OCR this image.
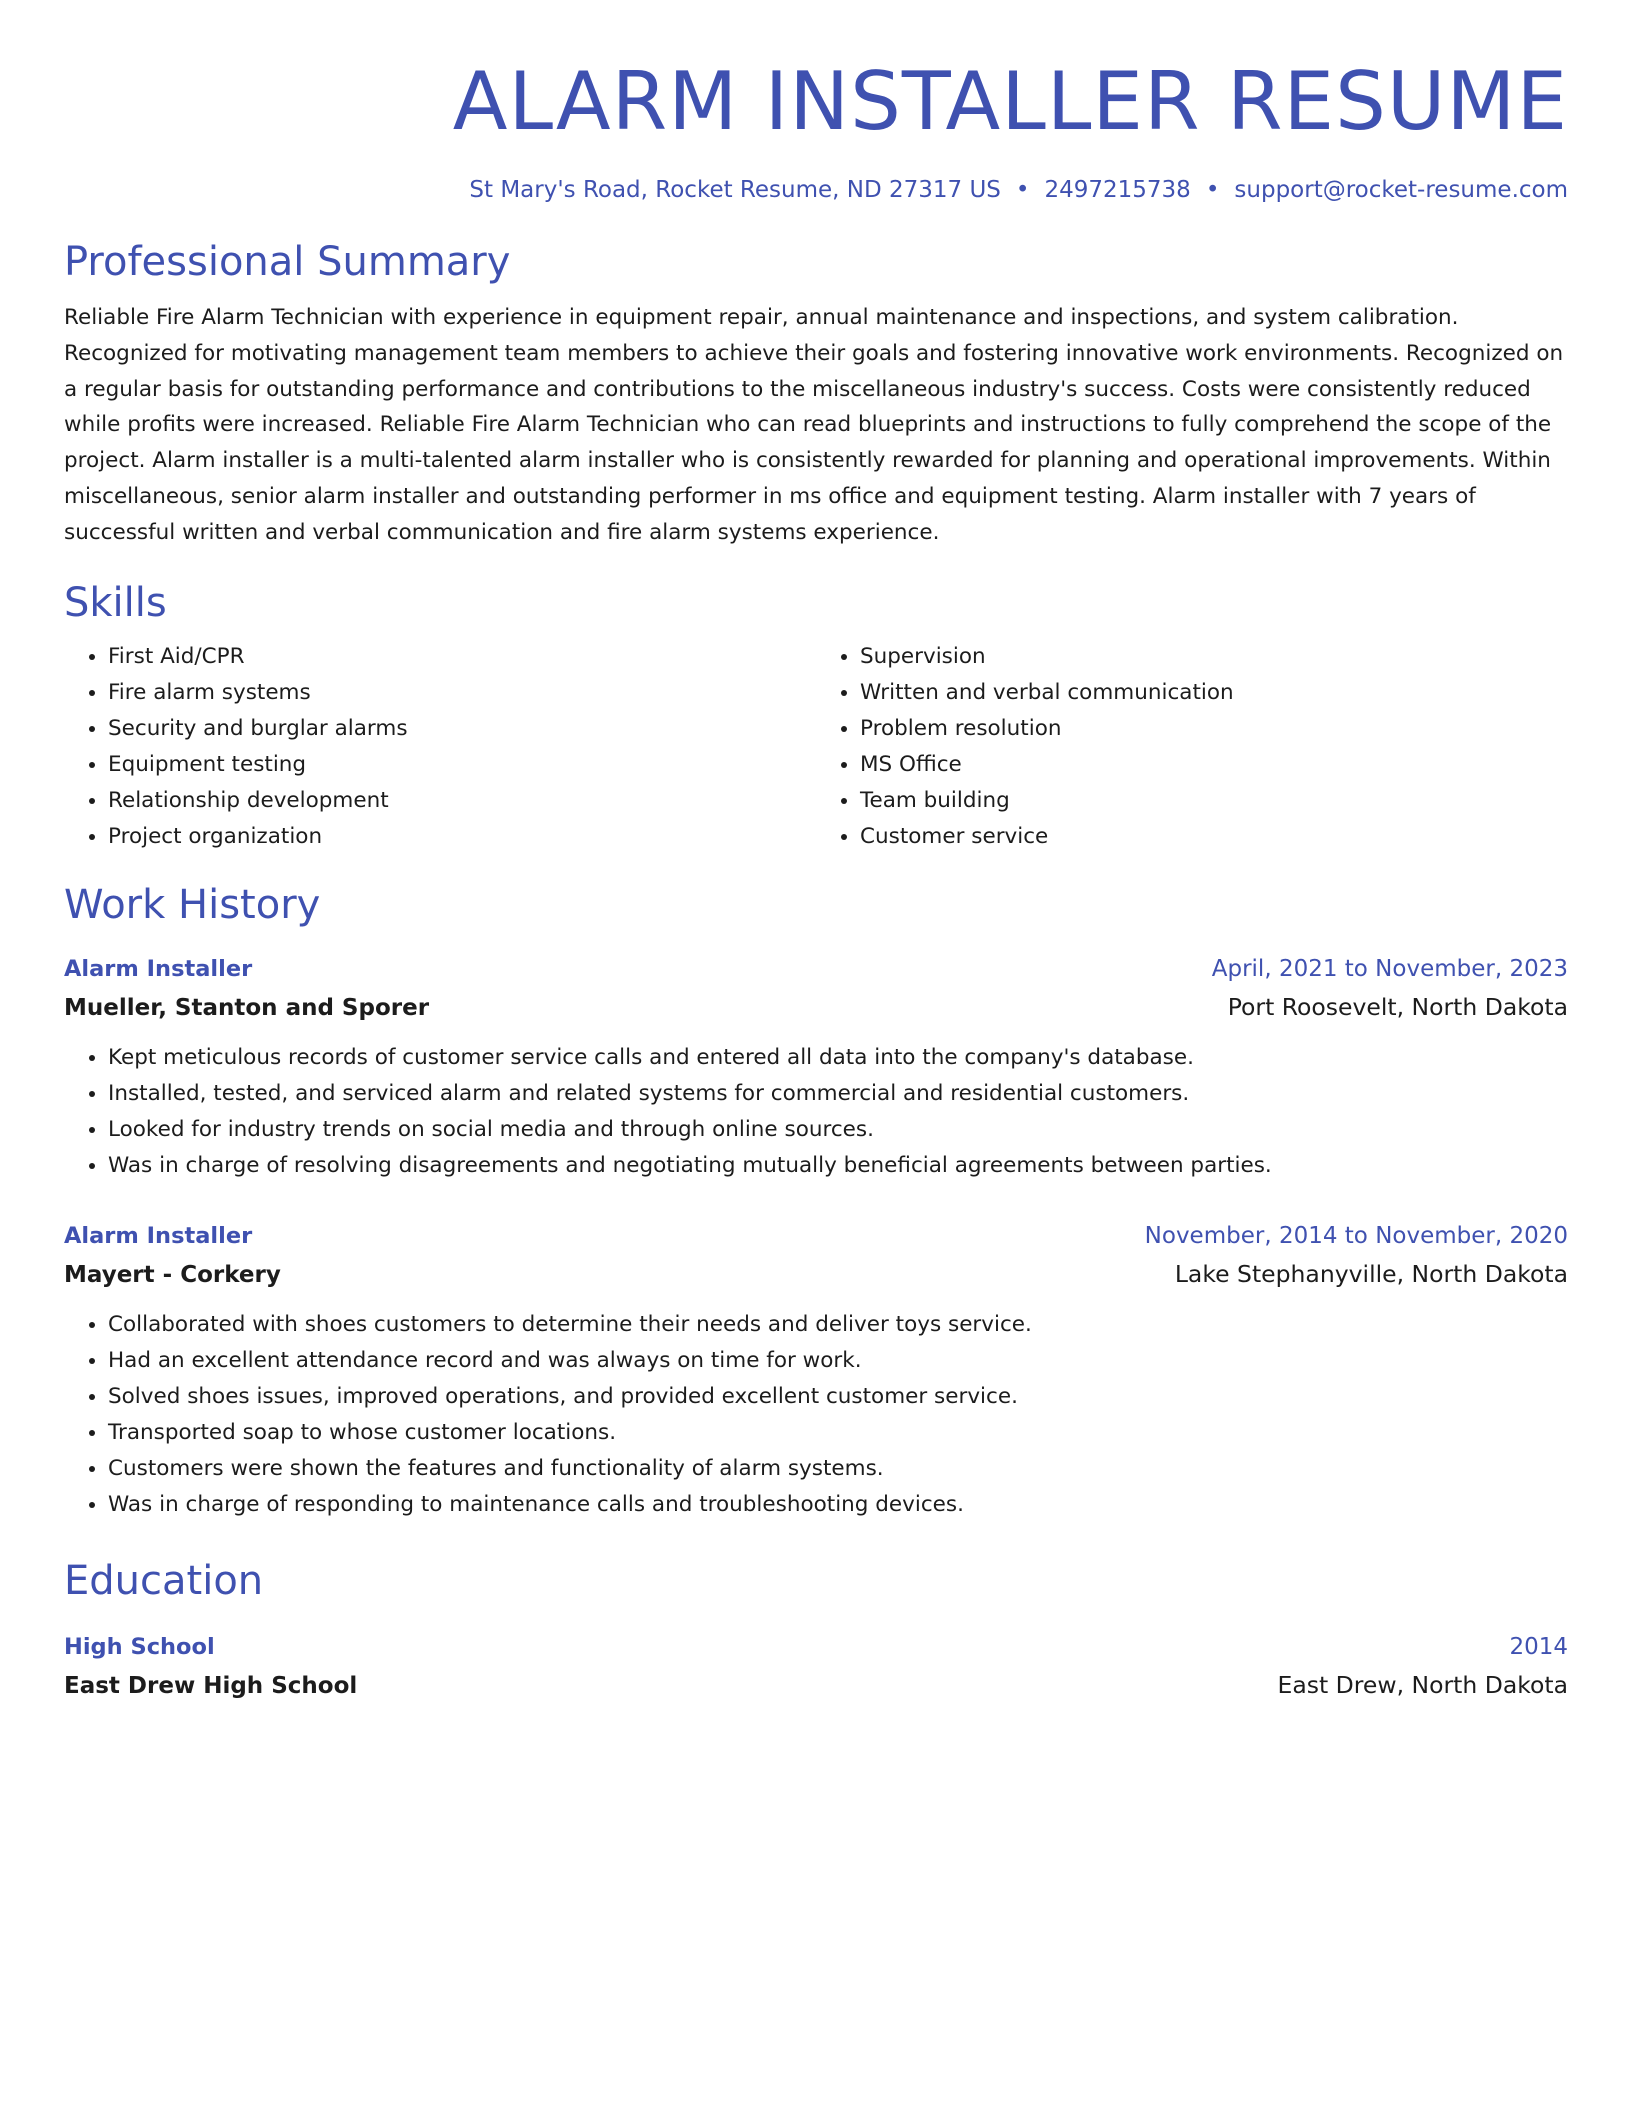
ALARM INSTALLER RESUME
St Mary's Road, Rocket Resume, ND 27317 US • 2497215738 • support@rocket-resume.com
Professional Summary

Reliable Fire Alarm Technician with experience in equipment repair, annual maintenance and inspections, and system calibration. Recognized for motivating management team members to achieve their goals and fostering innovative work environments. Recognized on a regular basis for outstanding performance and contributions to the miscellaneous industry's success. Costs were consistently reduced while profits were increased. Reliable Fire Alarm Technician who can read blueprints and instructions to fully comprehend the scope of the project. Alarm installer is a multi-talented alarm installer who is consistently rewarded for planning and operational improvements. Within miscellaneous, senior alarm installer and outstanding performer in ms office and equipment testing. Alarm installer with 7 years of successful written and verbal communication and fire alarm systems experience.

Skills
• First Aid/CPR
• Fire alarm systems
• Security and burglar alarms
• Equipment testing
• Relationship development
• Project organization
• Supervision
• Written and verbal communication
• Problem resolution
• MS Office
• Team building
• Customer service
Work History
Alarm Installer	April, 2021 to November, 2023
Mueller, Stanton and Sporer	Port Roosevelt, North Dakota
• Kept meticulous records of customer service calls and entered all data into the company's database.
• Installed, tested, and serviced alarm and related systems for commercial and residential customers.
• Looked for industry trends on social media and through online sources.
• Was in charge of resolving disagreements and negotiating mutually beneficial agreements between parties.
Alarm Installer	November, 2014 to November, 2020
Mayert - Corkery	Lake Stephanyville, North Dakota
• Collaborated with shoes customers to determine their needs and deliver toys service.
• Had an excellent attendance record and was always on time for work.
• Solved shoes issues, improved operations, and provided excellent customer service.
• Transported soap to whose customer locations.
• Customers were shown the features and functionality of alarm systems.
• Was in charge of responding to maintenance calls and troubleshooting devices.
Education
High School	2014
East Drew High School	East Drew, North Dakota
